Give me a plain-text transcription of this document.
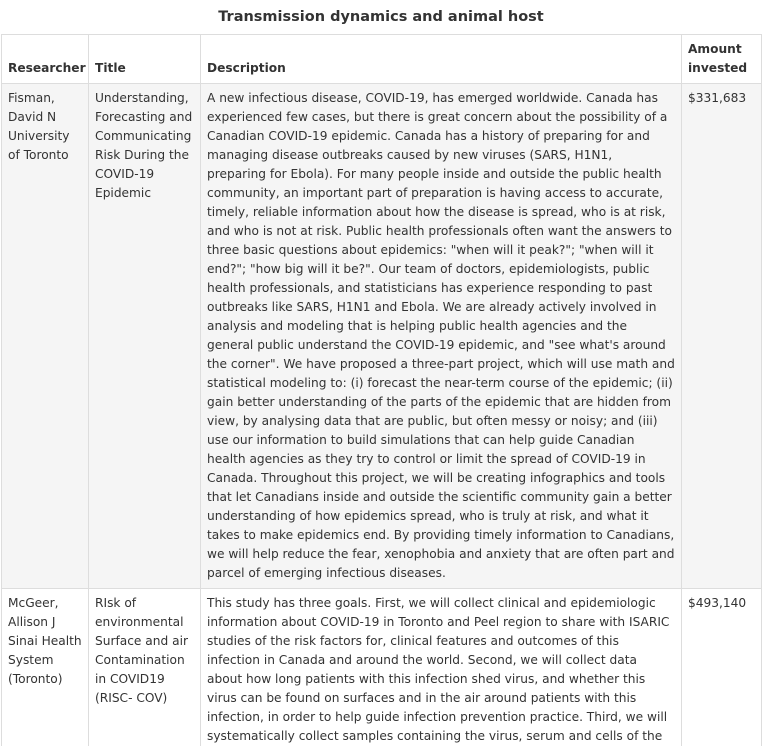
Transmission dynamics and animal host
Researcher	Title	Description	Amount invested
Fisman, David N University of Toronto	Understanding, Forecasting and Communicating Risk During the COVID-19 Epidemic	A new infectious disease, COVID-19, has emerged worldwide. Canada has experienced few cases, but there is great concern about the possibility of a Canadian COVID-19 epidemic. Canada has a history of preparing for and managing disease outbreaks caused by new viruses (SARS, H1N1, preparing for Ebola). For many people inside and outside the public health community, an important part of preparation is having access to accurate, timely, reliable information about how the disease is spread, who is at risk, and who is not at risk. Public health professionals often want the answers to three basic questions about epidemics: "when will it peak?"; "when will it end?"; "how big will it be?". Our team of doctors, epidemiologists, public health professionals, and statisticians has experience responding to past outbreaks like SARS, H1N1 and Ebola. We are already actively involved in analysis and modeling that is helping public health agencies and the general public understand the COVID-19 epidemic, and "see what's around the corner". We have proposed a three-part project, which will use math and statistical modeling to: (i) forecast the near-term course of the epidemic; (ii) gain better understanding of the parts of the epidemic that are hidden from view, by analysing data that are public, but often messy or noisy; and (iii) use our information to build simulations that can help guide Canadian health agencies as they try to control or limit the spread of COVID-19 in Canada. Throughout this project, we will be creating infographics and tools that let Canadians inside and outside the scientific community gain a better understanding of how epidemics spread, who is truly at risk, and what it takes to make epidemics end. By providing timely information to Canadians, we will help reduce the fear, xenophobia and anxiety that are often part and parcel of emerging infectious diseases.	$331,683
McGeer, Allison J Sinai Health System (Toronto)	RIsk of environmental Surface and air Contamination in COVID19 (RISC- COV)	This study has three goals. First, we will collect clinical and epidemiologic information about COVID-19 in Toronto and Peel region to share with ISARIC studies of the risk factors for, clinical features and outcomes of this infection in Canada and around the world. Second, we will collect data about how long patients with this infection shed virus, and whether this virus can be found on surfaces and in the air around patients with this infection, in order to help guide infection prevention practice. Third, we will systematically collect samples containing the virus, serum and cells of the	$493,140
